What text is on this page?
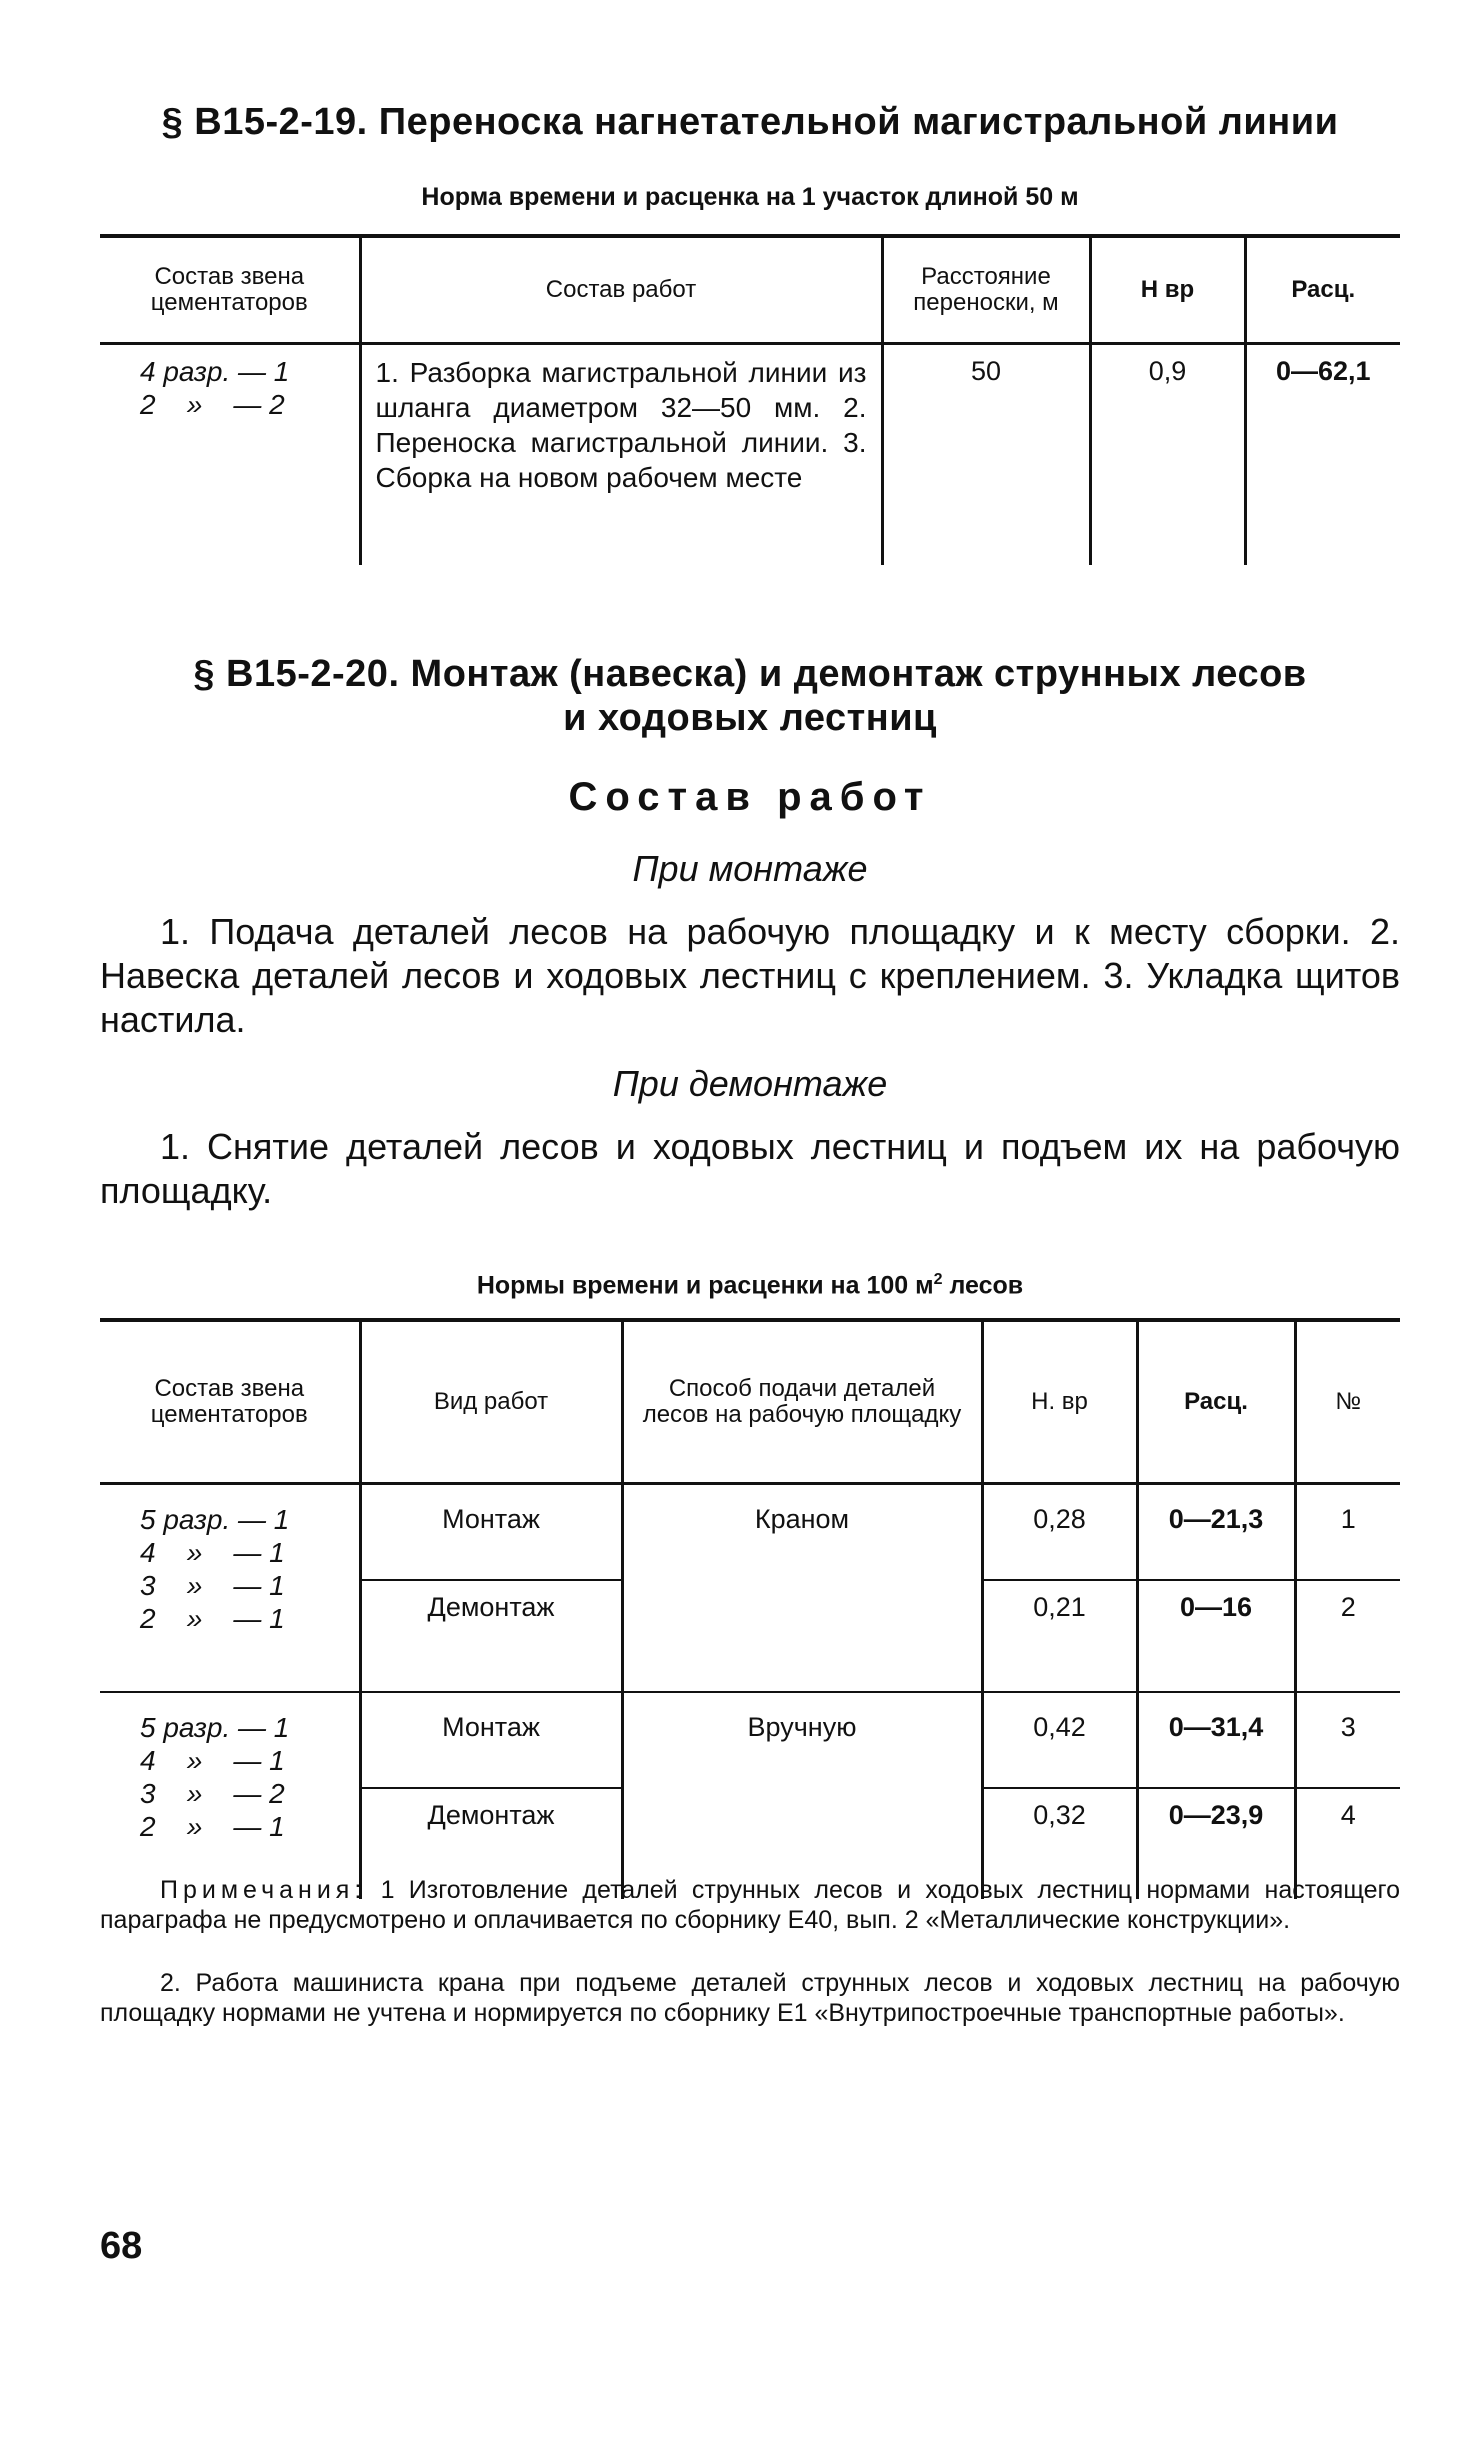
§ В15-2-19. Переноска нагнетательной магистральной линии
Норма времени и расценка на 1 участок длиной 50 м
Состав звена цементаторов	Состав работ	Расстояние переноски, м	Н вр	Расц.

4 разр. — 1
2    »    — 2	1. Разборка магистральной линии из шланга диаметром 32—50 мм. 2. Переноска магистральной линии. 3. Сборка на новом рабочем месте	50	0,9	0—62,1
§ В15-2-20. Монтаж (навеска) и демонтаж струнных лесов
и ходовых лестниц
Состав работ
При монтаже
1. Подача деталей лесов на рабочую площадку и к месту сборки. 2. Навеска деталей лесов и ходовых лестниц с креплением. 3. Укладка щитов настила.
При демонтаже
1. Снятие деталей лесов и ходовых лестниц и подъем их на рабочую площадку.
Нормы времени и расценки на 100 $м^2$ лесов
Состав звена цементаторов	Вид работ	Способ подачи деталей лесов на рабочую площадку	Н. вр	Расц.	№

5 разр. — 1
4    »    — 1
3    »    — 1
2    »    — 1	Монтаж	Краном	0,28	0—21,3	1
	Демонтаж		0,21	0—16	2

5 разр. — 1
4    »    — 1
3    »    — 2
2    »    — 1	Монтаж	Вручную	0,42	0—31,4	3
	Демонтаж		0,32	0—23,9	4
Примечания: 1 Изготовление деталей струнных лесов и ходовых лестниц нормами настоящего параграфа не предусмотрено и оплачивается по сборнику Е40, вып. 2 «Металлические конструкции».
2. Работа машиниста крана при подъеме деталей струнных лесов и ходовых лестниц на рабочую площадку нормами не учтена и нормируется по сборнику Е1 «Внутрипостроечные транспортные работы».
68
